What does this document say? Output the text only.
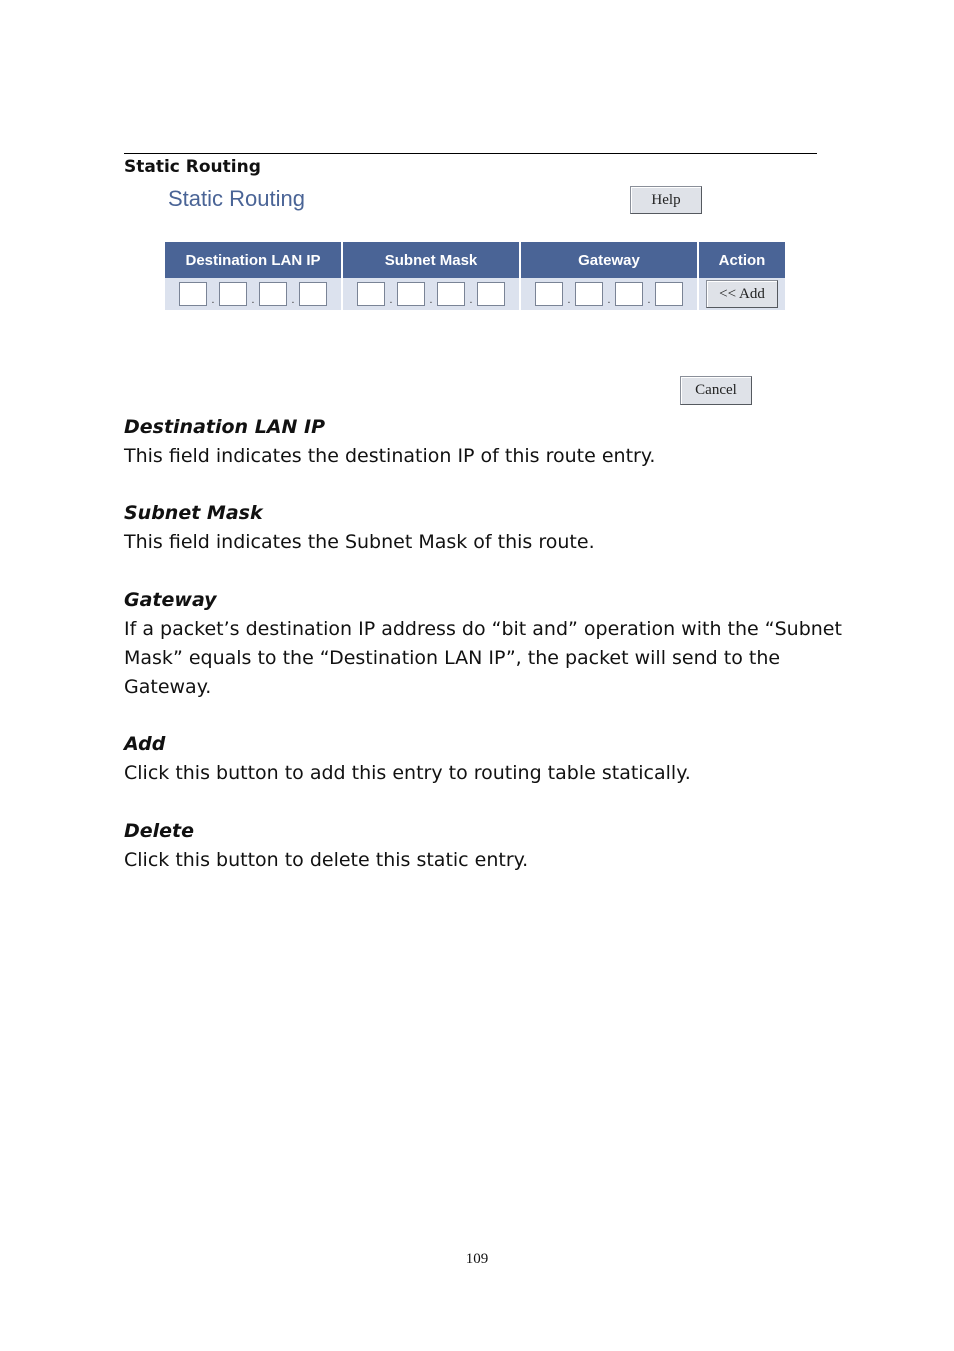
Static Routing
Static Routing	Help
Destination LAN IP	Subnet Mask	Gateway	Action

. . .	. . .	. . .	<< Add
Cancel
Destination LAN IP

This field indicates the destination IP of this route entry.

Subnet Mask

This field indicates the Subnet Mask of this route.

Gateway

If a packet’s destination IP address do “bit and” operation with the “Subnet Mask” equals to the “Destination LAN IP”, the packet will send to the Gateway.

Add

Click this button to add this entry to routing table statically.

Delete

Click this button to delete this static entry.

109
